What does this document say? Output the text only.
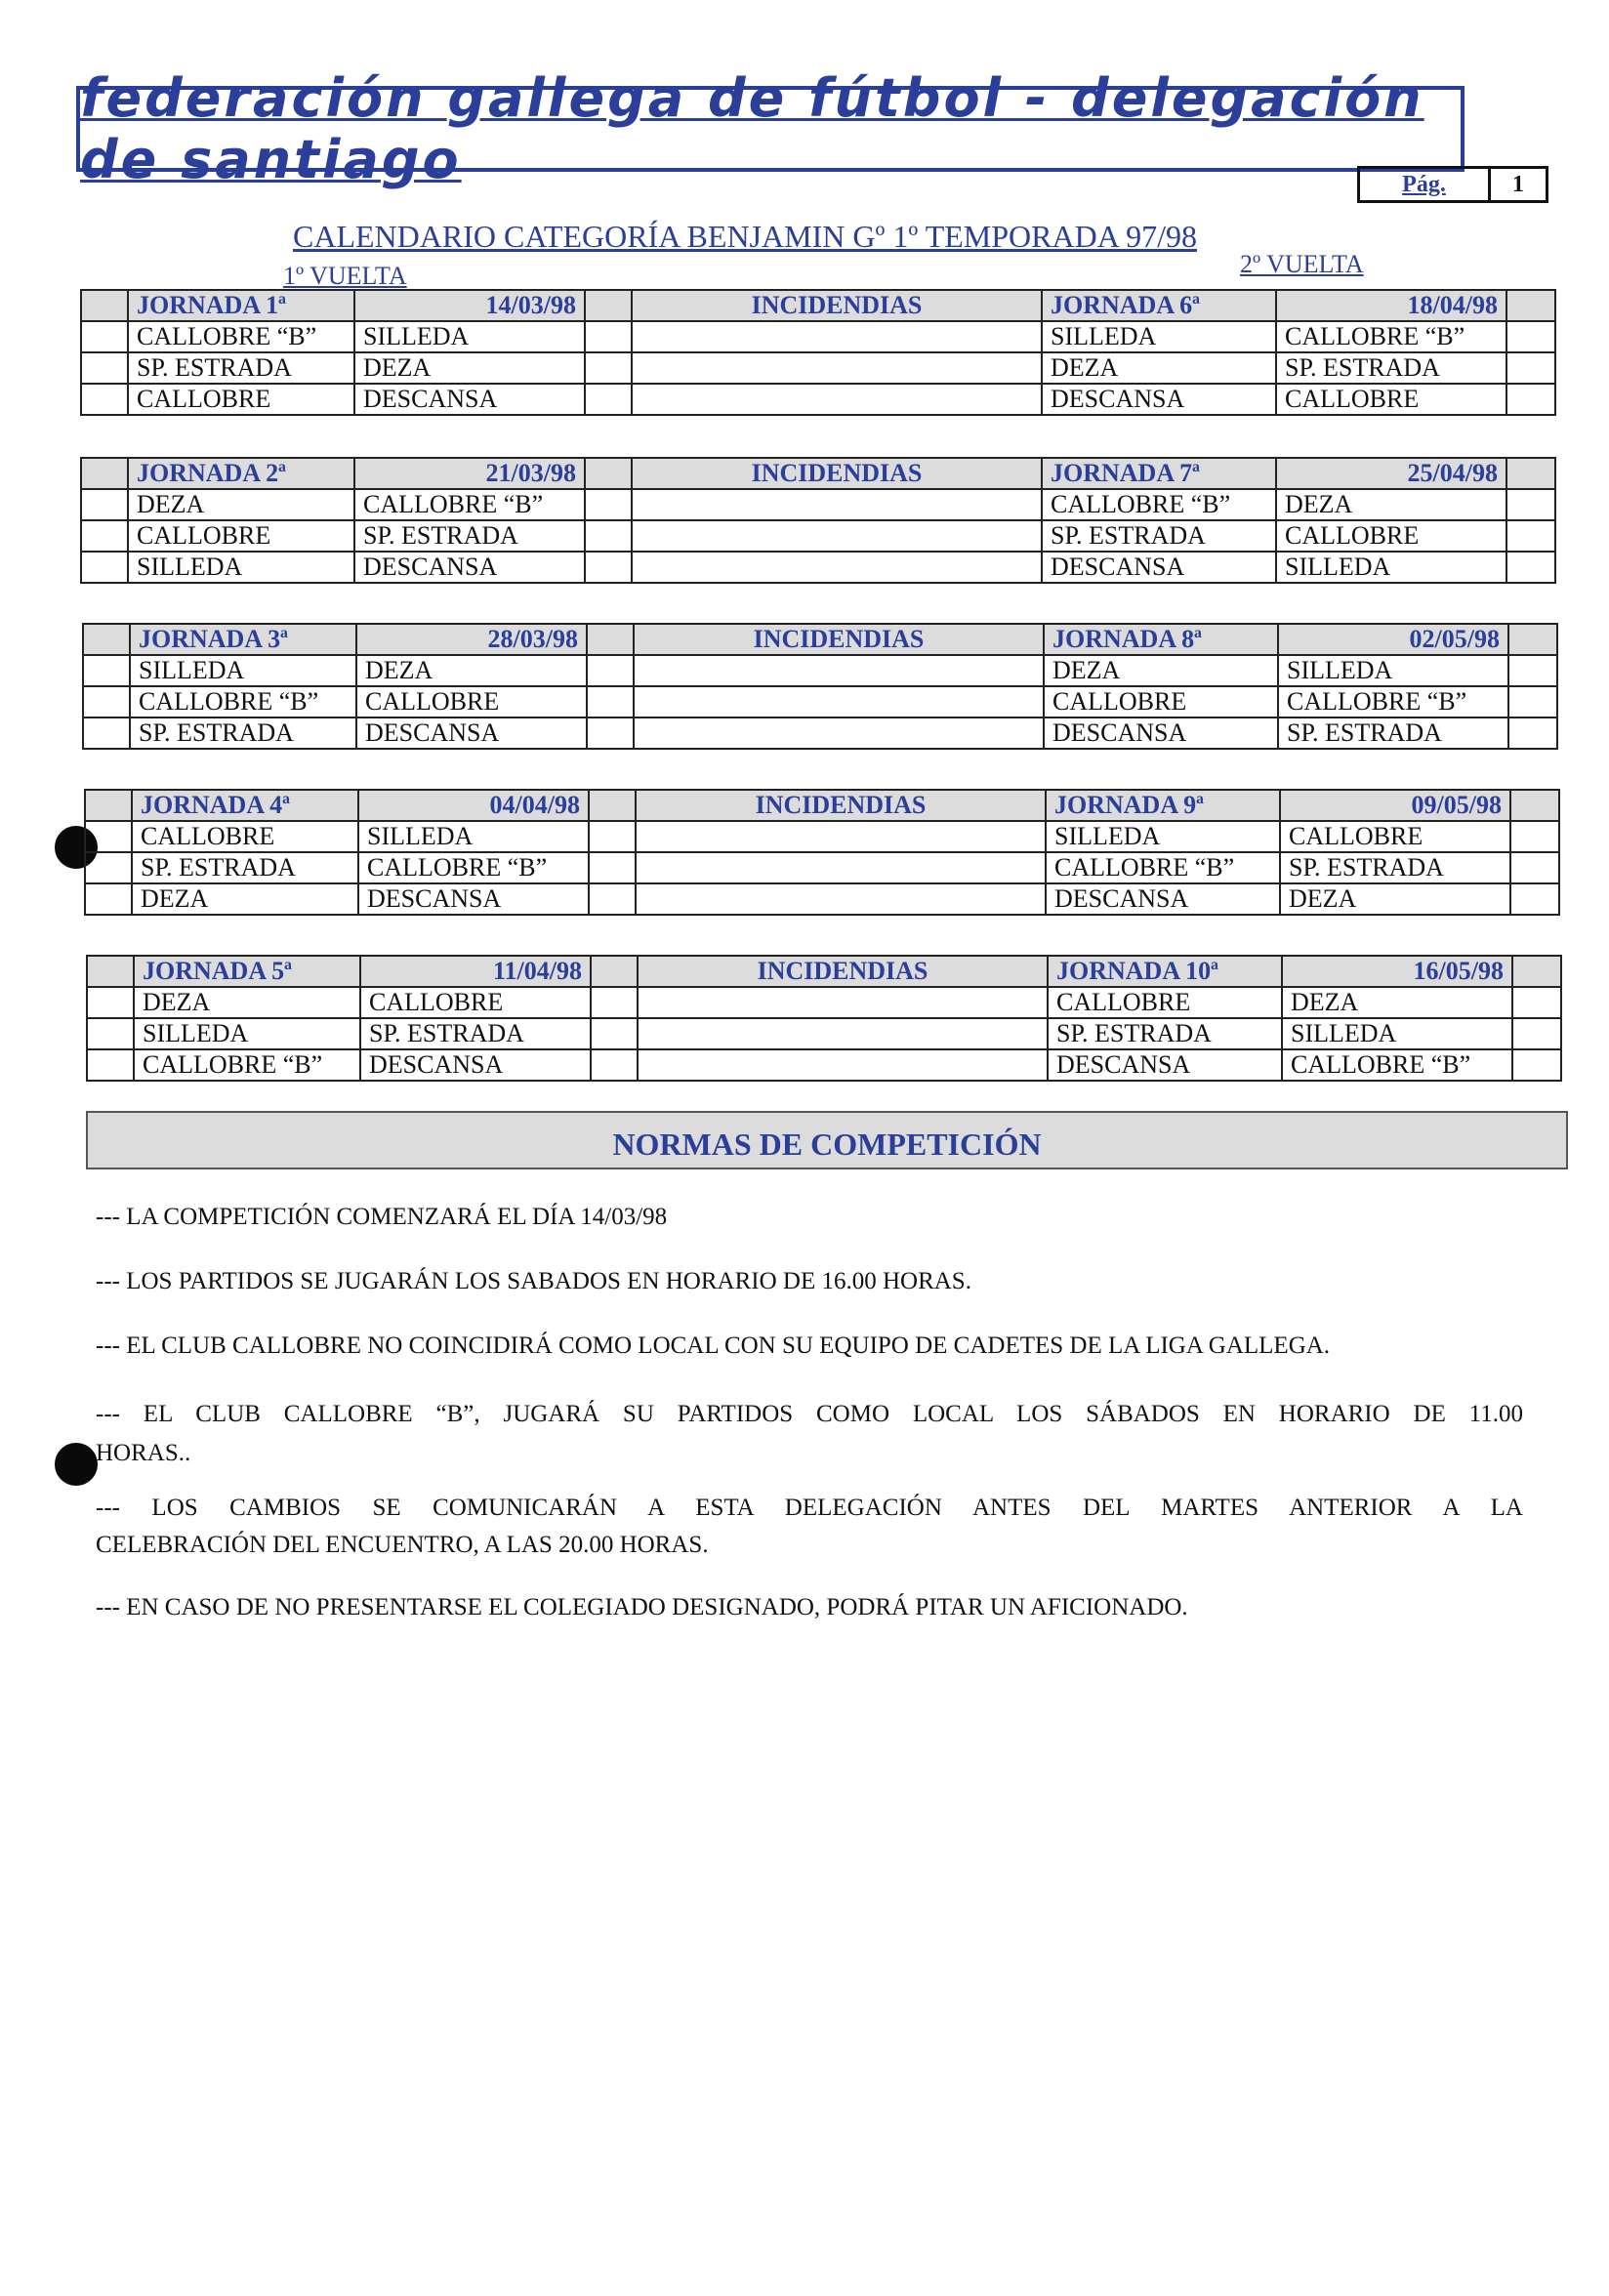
federación gallega de fútbol - delegación de santiago	Pág.	1
CALENDARIO CATEGORÍA BENJAMIN Gº 1º TEMPORADA 97/98
1º VUELTA	2º VUELTA
	JORNADA 1ª	14/03/98		INCIDENDIAS	JORNADA 6ª	18/04/98	
	CALLOBRE “B”	SILLEDA			SILLEDA	CALLOBRE “B”	
	SP. ESTRADA	DEZA			DEZA	SP. ESTRADA	
	CALLOBRE	DESCANSA			DESCANSA	CALLOBRE	
	JORNADA 2ª	21/03/98		INCIDENDIAS	JORNADA 7ª	25/04/98	
	DEZA	CALLOBRE “B”			CALLOBRE “B”	DEZA	
	CALLOBRE	SP. ESTRADA			SP. ESTRADA	CALLOBRE	
	SILLEDA	DESCANSA			DESCANSA	SILLEDA	
	JORNADA 3ª	28/03/98		INCIDENDIAS	JORNADA 8ª	02/05/98	
	SILLEDA	DEZA			DEZA	SILLEDA	
	CALLOBRE “B”	CALLOBRE			CALLOBRE	CALLOBRE “B”	
	SP. ESTRADA	DESCANSA			DESCANSA	SP. ESTRADA	
	JORNADA 4ª	04/04/98		INCIDENDIAS	JORNADA 9ª	09/05/98	
	CALLOBRE	SILLEDA			SILLEDA	CALLOBRE	
	SP. ESTRADA	CALLOBRE “B”			CALLOBRE “B”	SP. ESTRADA	
	DEZA	DESCANSA			DESCANSA	DEZA	
	JORNADA 5ª	11/04/98		INCIDENDIAS	JORNADA 10ª	16/05/98	
	DEZA	CALLOBRE			CALLOBRE	DEZA	
	SILLEDA	SP. ESTRADA			SP. ESTRADA	SILLEDA	
	CALLOBRE “B”	DESCANSA			DESCANSA	CALLOBRE “B”	
NORMAS DE COMPETICIÓN
--- LA COMPETICIÓN COMENZARÁ EL DÍA 14/03/98
--- LOS PARTIDOS SE JUGARÁN LOS SABADOS EN HORARIO DE 16.00 HORAS.
--- EL CLUB CALLOBRE NO COINCIDIRÁ COMO LOCAL CON SU EQUIPO DE CADETES DE LA LIGA GALLEGA.
--- EL CLUB CALLOBRE “B”, JUGARÁ SU PARTIDOS COMO LOCAL LOS SÁBADOS EN HORARIO DE 11.00
HORAS..
--- LOS CAMBIOS SE COMUNICARÁN A ESTA DELEGACIÓN ANTES DEL MARTES ANTERIOR A LA
CELEBRACIÓN DEL ENCUENTRO, A LAS 20.00 HORAS.
--- EN CASO DE NO PRESENTARSE EL COLEGIADO DESIGNADO, PODRÁ PITAR UN AFICIONADO.
